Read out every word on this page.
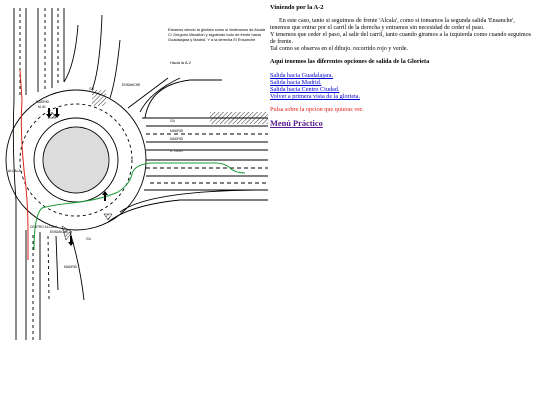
MADRID
M-40
ENSANCHE
GU
GU
MADRID
MADRID
C. OCIO
ALCALA
CENTRO ALCALA
ENSANCHE
MADRID
GU
Estamos viendo la glorieta como si viniéramos de Alcalá C/ Gregorio Marañón y siguiendo todo de frente hacia Guadalajara y Madrid. Y a la derecha El Ensanche
Hacia la A-2
Viniendo por la A-2

En este caso, tanto si seguimos de frente 'Alcala', como si tomamos la segunda salida 'Ensanche', tenemos que entrar por el carril de la derecha y entramos sin necesidad de ceder el paso.
Y tenemos que ceder el paso, al salir del carril, tanto cuando giramos a la izquierda como cuando seguimos de frente.
Tal como se observa en el dibujo. recorrido rojo y verde.

Aqui tenemos las diferentes opciones de salida de la Glorieta
Salida hacia Guadalajara.
Salida hacia Madrid.
Salida hacia Centro Ciudad.
Volver a primera vista de la glorieta.
Pulsa sobre la opcion que quieras ver.
Menú Práctico
